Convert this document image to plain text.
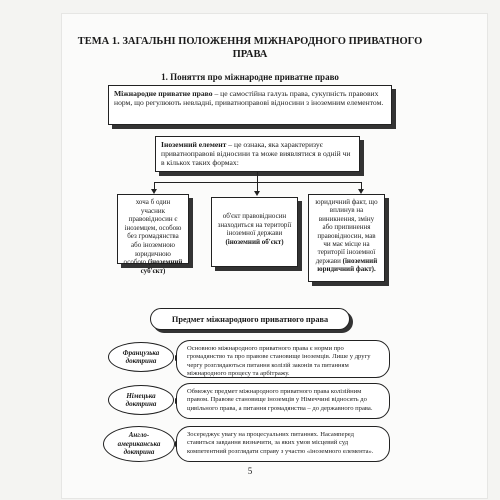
ТЕМА 1. ЗАГАЛЬНІ ПОЛОЖЕННЯ МІЖНАРОДНОГО ПРИВАТНОГО ПРАВА
1. Поняття про міжнародне приватне право
Міжнародне приватне право – це самостійна галузь права, сукупність правових норм, що регулюють невладні, приватноправові відносини з іноземним елементом.
Іноземний елемент – це ознака, яка характеризує приватноправові відносини та може виявлятися в одній чи в кількох таких формах:
хоча б один учасник правовідносин є іноземцем, особою без громадянства або іноземною юридичною особою (іноземний суб'єкт)
об'єкт правовідносин знаходиться на території іноземної держави (іноземний об'єкт)
юридичний факт, що вплинув на виникнення, зміну або припинення правовідносин, мав чи має місце на території іноземної держави (іноземний юридичний факт).
Предмет міжнародного приватного права
Французька доктрина
Основною міжнародного приватного права є норми про громадянство та про правове становище іноземців. Лише у другу чергу розглядаються питання колізій законів та питанням міжнародного процесу та арбітражу.
Німецька доктрина
Обмежує предмет міжнародного приватного права колізійним правом. Правове становище іноземців у Німеччині відносять до цивільного права, а питання громадянства – до державного права.
Англо-американська доктрина
Зосереджує увагу на процесуальних питаннях. Насамперед ставиться завдання визначити, за яких умов місцевий суд компетентний розглядати справу з участю «іноземного елемента».
5
